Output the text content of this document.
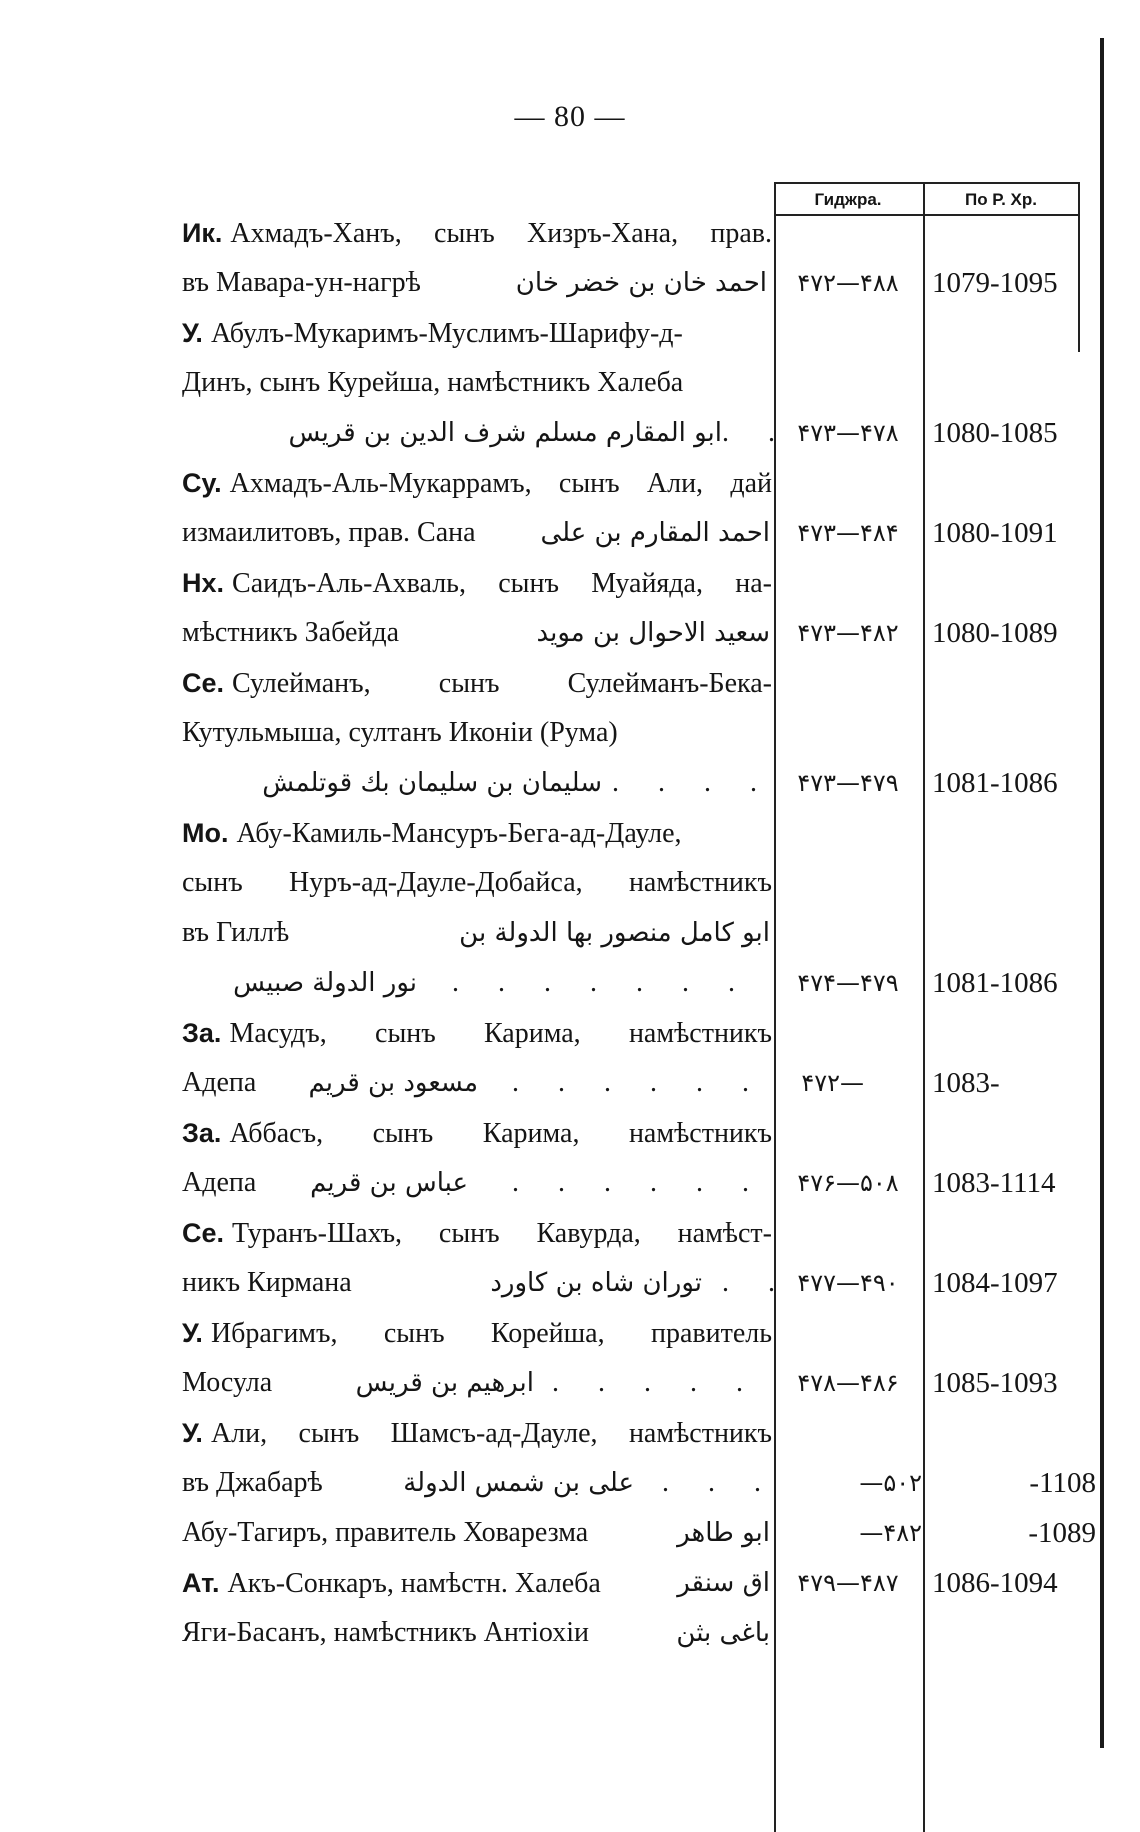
— 80 —
Гиджра.	По Р. Хр.
Ик. Ахмадъ-Ханъ, сынъ Хизръ-Хана, прав.
въ Мавара-ун-нагрѣ	احمد خان بن خضر خان	۴۷۲—۴۸۸	1079-1095
У. Абулъ-Мукаримъ-Муслимъ-Шарифу-д-
Динъ, сынъ Курейша, намѣстникъ Халеба
ابو المقارم مسلم شرف الدين بن قريس . . ۴۷۳—۴۷۸	1080-1085
Су. Ахмадъ-Аль-Мукаррамъ, сынъ Али, дай
измаилитовъ, прав. Сана	احمد المقارم بن علی	۴۷۳—۴۸۴	1080-1091
Нх. Саидъ-Аль-Ахваль, сынъ Муайяда, на-
мѣстникъ Забейда	سعيد الاحوال بن مويد	۴۷۳—۴۸۲	1080-1089
Се. Сулейманъ, сынъ Сулейманъ-Бека-
Кутульмыша, султанъ Иконіи (Рума)
سليمان بن سليمان بك قوتلمش . . . .	۴۷۳—۴۷۹	1081-1086
Мо. Абу-Камиль-Мансуръ-Бега-ад-Дауле,
сынъ Нуръ-ад-Дауле-Добайса, намѣстникъ
въ Гиллѣ	ابو كامل منصور بها الدولة بن
نور الدولة صبيس . . . . . . .	۴۷۴—۴۷۹	1081-1086
За. Масудъ, сынъ Карима, намѣстникъ
Адепа	مسعود بن قريم . . . . . .	۴۷۲— 1083-
За. Аббасъ, сынъ Карима, намѣстникъ
Адепа	عباس بن قريم . . . . . .	۴۷۶—۵۰۸	1083-1114
Се. Туранъ-Шахъ, сынъ Кавурда, намѣст-
никъ Кирмана	توران شاه بن كاورد . . ۴۷۷—۴۹۰	1084-1097
У. Ибрагимъ, сынъ Корейша, правитель
Мосула	ابرهيم بن قريس . . . . .	۴۷۸—۴۸۶	1085-1093
У. Али, сынъ Шамсъ-ад-Дауле, намѣстникъ
въ Джабарѣ	علی بن شمس الدولة . . .	—۵۰۲	-1108
Абу-Тагиръ, правитель Ховарезма	ابو طاهر	—۴۸۲	-1089
Ат. Акъ-Сонкаръ, намѣстн. Халеба	اق سنقر	۴۷۹—۴۸۷	1086-1094
Яги-Басанъ, намѣстникъ Антіохіи	باغی بثن
